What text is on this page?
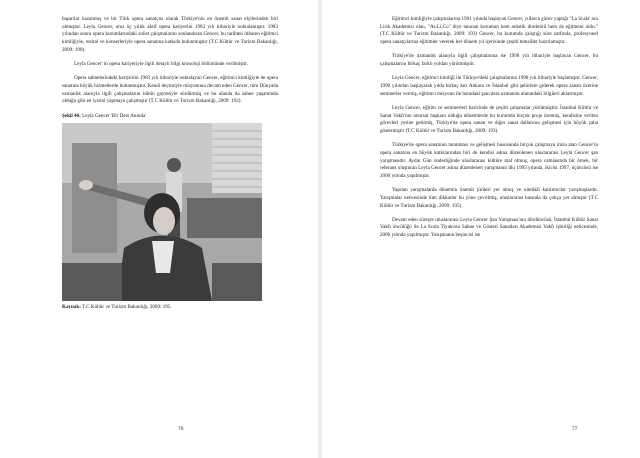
başarılar kazanmış ve bir Türk opera sanatçısı olarak Türkiye'nin en önemli sanat elçilerinden biri olmuştur. Leyla Gencer, otuz üç yıllık aktif opera kariyerini 1983 yılı itibariyle noktalamıştır. 1983 yılından sonra opera kurumlarındaki solist çalışmalarını sonlandıran Gencer, bu tarihten itibaren eğitimci kimliğiyle, resital ve konserleriyle opera sanatına katkıda bulunmuştur (T.C Kültür ve Turizm Bakanlığı, 2009: 190).

Leyla Gencer' in opera kariyeriyle ilgili detaylı bilgi kronoloji bölümünde verilmiştir.

Opera sahnelerindeki kariyerini 1983 yılı itibariyle noktalayan Gencer, eğitimci kimliğiyle de opera sanatına büyük hizmetlerde bulunmuştur. Kendi deyimiyle misyonunu devam eden Gencer, tüm Dünyada uzmanlık alanıyla ilgili çalışmalarını bütün gayretiyle sürdürmüş ve bu alanda da sahne yaşamında olduğu gibi en iyisini yapmaya çalışmıştır (T.C Kültür ve Turizm Bakanlığı, 2009: 192).

Şekil 46: Leyla Gencer 'Bir Ders Anında'
Kaynak: T.C Kültür ve Turizm Bakanlığı, 2009: 195.
76

Eğitimci kimliğiyle çalışmalarına 1981 yılında başlayan Gencer, yıllarca görev yaptığı "La Scala' nın Lirik Akademisi olan, "As.Li.Co" diye tanınan kurumun hem artistik direktörü hem de eğitmeni oldu." (T.C Kültür ve Turizm Bakanlığı, 2009: 193) Gencer, bu kurumda çalıştığı süre zarfında, profesyonel opera sanatçılarına eğitimler vererek her dönem yıl içerisinde çeşitli temsiller hazırlamıştır.

Türkiye'de uzmanlık alanıyla ilgili çalışmalarına ise 1990 yılı itibariyle başlayan Gencer, bu çalışmalarını birkaç farklı yoldan yürütmüştür.

Leyla Gencer, eğitimci kimliği ile Türkiye'deki çalışmalarına 1990 yılı itibariyle başlamıştır. Gencer, 1990 yılından başlayarak yılda birkaç kez Ankara ve İstanbul gibi şehirlere giderek opera sanatı üzerine seminerler vermiş, eğitimci misyonu ile buradaki şancılara uzmanlık alanındaki bilgileri aktarmıştır.

Leyla Gencer, eğitim ve seminerleri haricinde de çeşitli çalışmalar yürütmüştür. İstanbul Kültür ve Sanat Vakfı'nın onursal başkanı olduğu dönemlerde bu kurumda birçok proje üretmiş, kendisine verilen görevleri yerine getirmiş, Türkiye'de opera sanatı ve diğer sanat dallarının gelişmesi için büyük çaba göstermiştir (T.C Kültür ve Turizm Bakanlığı, 2009: 193).

Türkiye'de opera sanatının tanınması ve gelişmesi hususunda birçok çalışmaya imza atan Gencer'in opera sanatına en büyük katkılarından biri de kendisi adına düzenlenen uluslararası Leyla Gencer şan yarışmasıdır. Aydın Gün önderliğinde uluslararası kültüre mal olmuş, opera camiasında bir örnek, bir referans oluşturan Leyla Gencer adına düzenlenen yarışmanın ilki 1995 yılında, ikicisi 1997, üçüncüsü ise 2000 yılında yapılmıştır.

Yapılan yarışmalarda dönemin önemli jürileri yer almış ve nitelikli katılımcılar yarışmışlardır. Yarışmalar neticesinde tüm dikkatler bu yöne çevrilmiş, uluslararası basında da çokça yer almıştır (T.C Kültür ve Turizm Bakanlığı, 2009: 195).

Devam eden süreçte uluslararası Leyla Gencer Şan Yarışması'nın dördüncüsü, İstanbul Kültür Sanat Vakfı öncülüğü ile La Scala Tiyatrosu Sahne ve Gösteri Sanatları Akademisi Vakfı işbirliği neticesinde, 2006 yılında yapılmıştır. Yarışmanın beşincisi ise

77
